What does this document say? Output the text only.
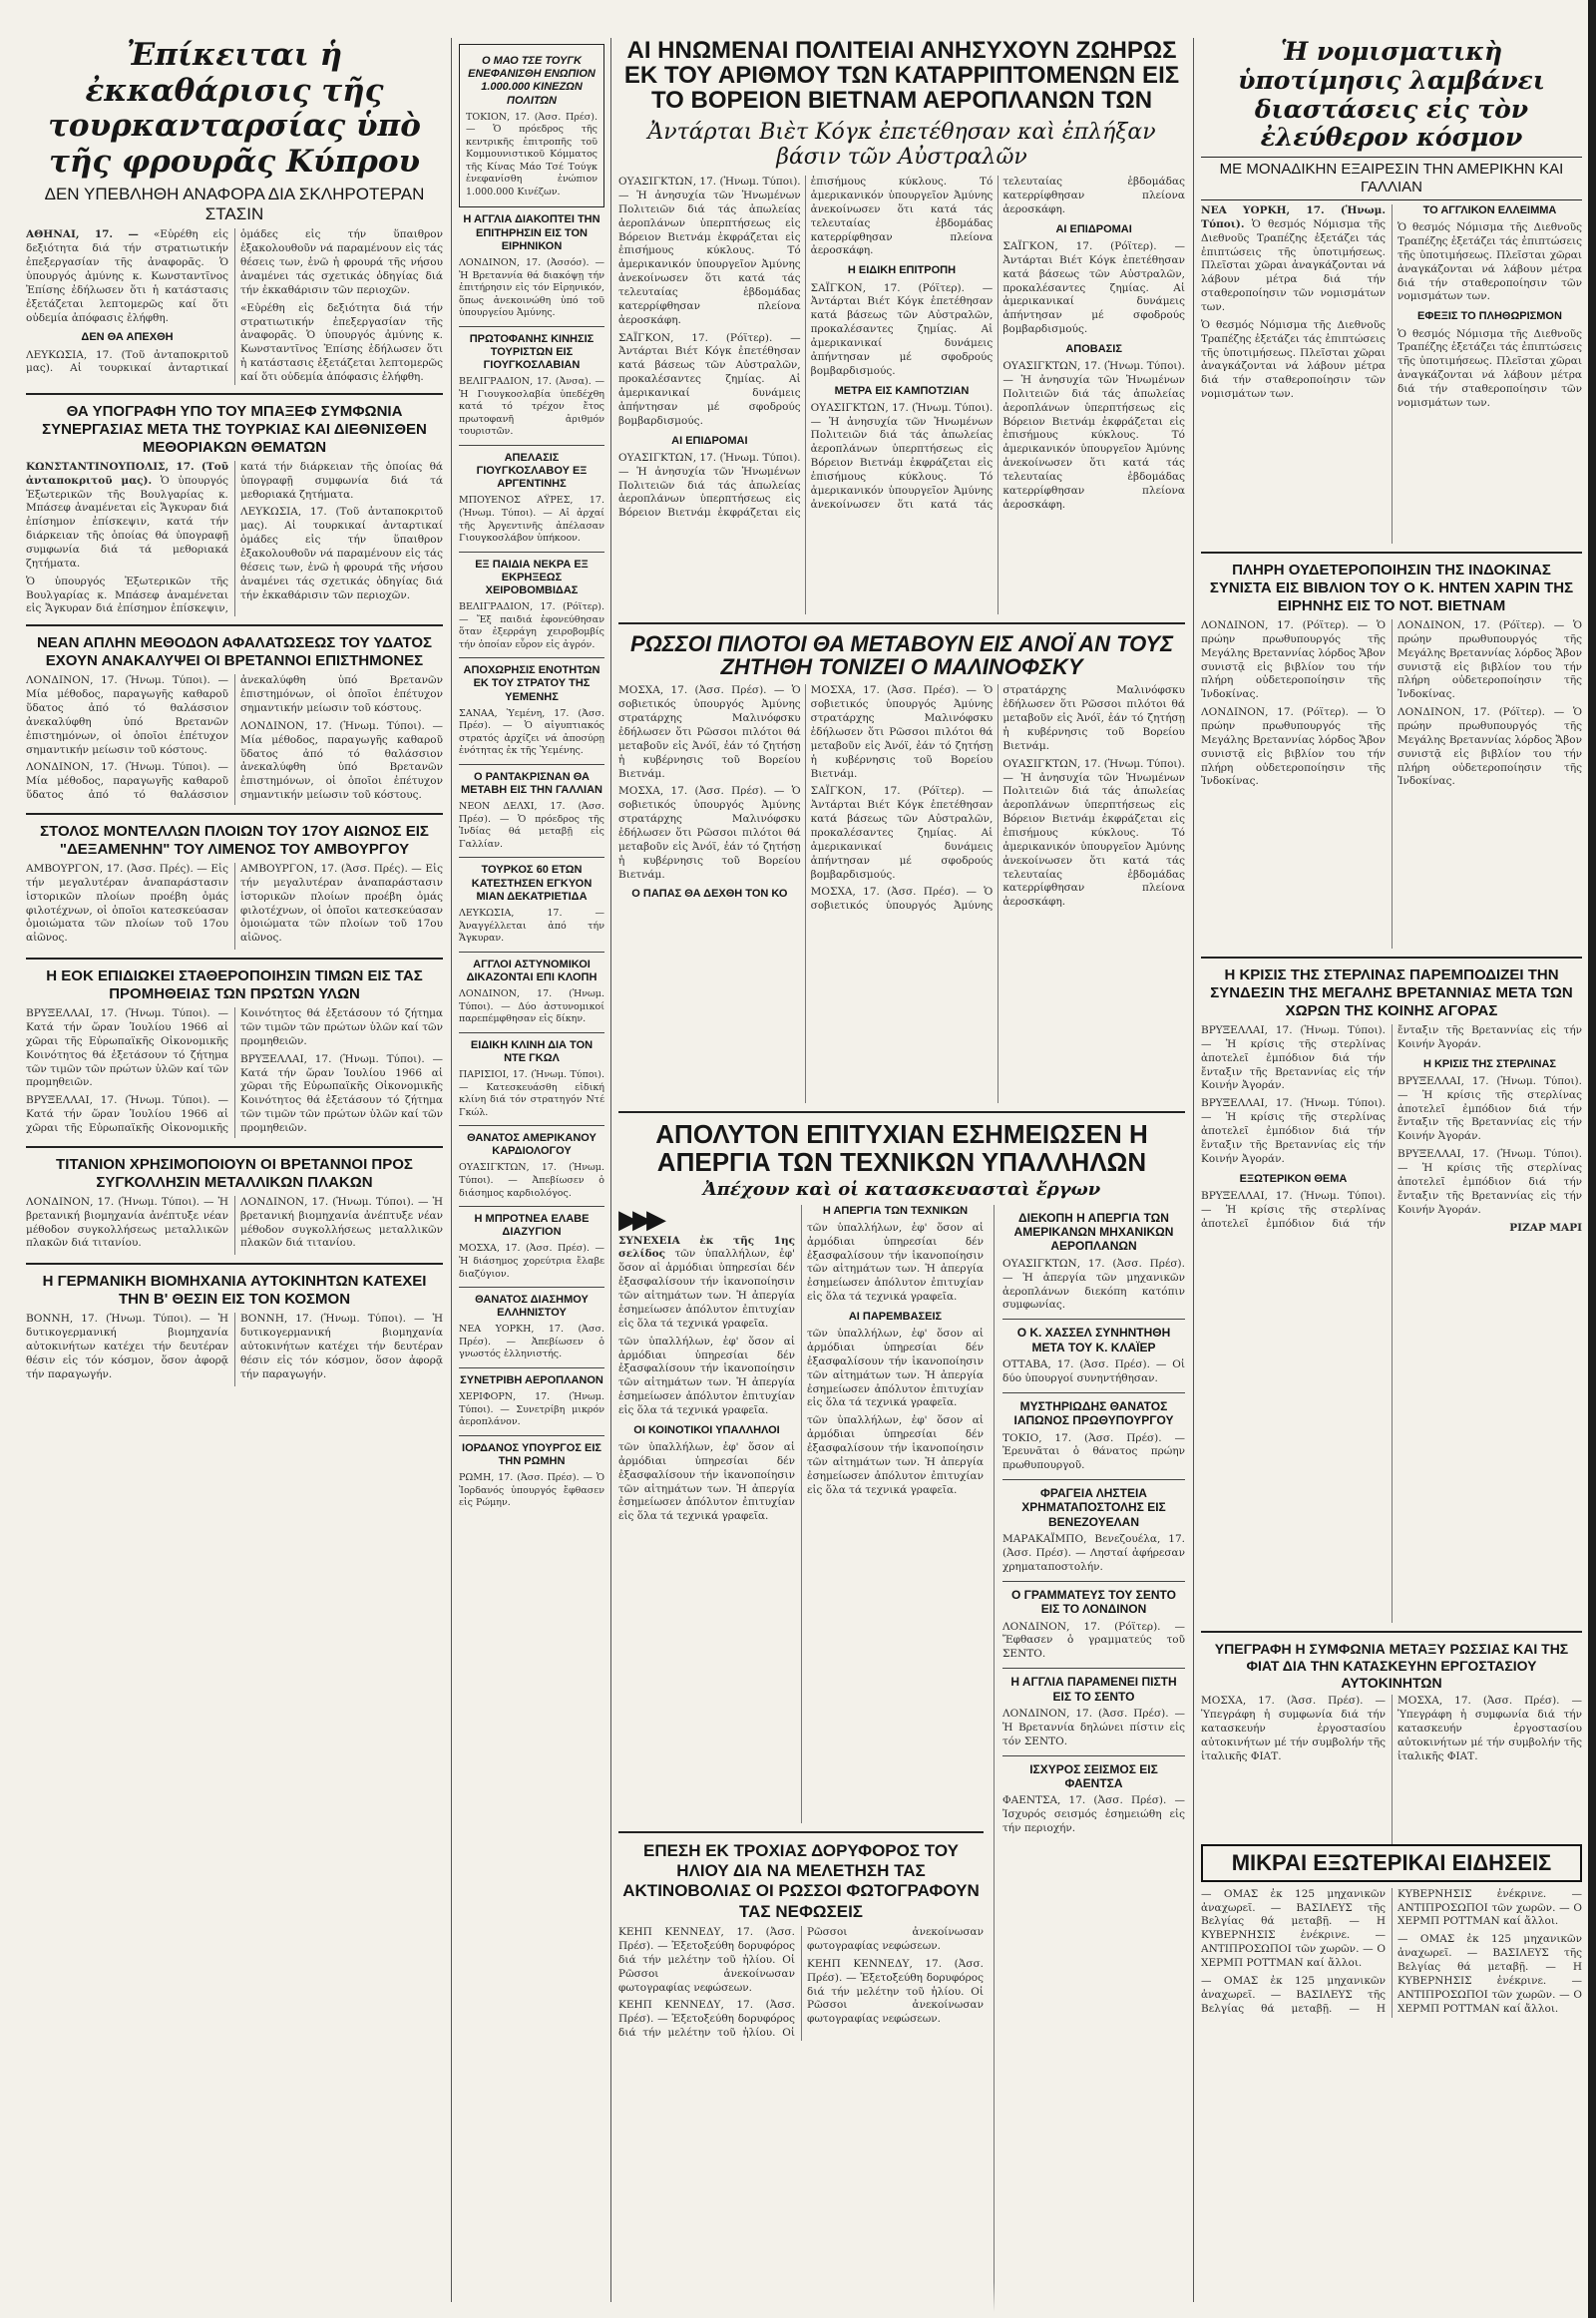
Ἐπίκειται ἡ ἐκκαθάρισις τῆς τουρκανταρσίας ὑπὸ τῆς φρουρᾶς Κύπρου
ΔΕΝ ΥΠΕΒΛΗΘΗ ΑΝΑΦΟΡΑ ΔΙΑ ΣΚΛΗΡΟΤΕΡΑΝ ΣΤΑΣΙΝ

ΑΘΗΝΑΙ, 17. — «Εὑρέθη εἰς δεξιότητα διά τήν στρατιωτικήν ἐπεξεργασίαν τῆς ἀναφορᾶς. Ὁ ὑπουργός ἀμύνης κ. Κωνσταντῖνος Ἐπίσης ἐδήλωσεν ὅτι ἡ κατάστασις ἐξετάζεται λεπτομερῶς καί ὅτι οὐδεμία ἀπόφασις ἐλήφθη.

ΔΕΝ ΘΑ ΑΠΕΧΘΗ

ΛΕΥΚΩΣΙΑ, 17. (Τοῦ ἀνταποκριτοῦ μας). Αἱ τουρκικαί ἀνταρτικαί ὁμάδες εἰς τήν ὕπαιθρον ἐξακολουθοῦν νά παραμένουν εἰς τάς θέσεις των, ἐνῶ ἡ φρουρά τῆς νήσου ἀναμένει τάς σχετικάς ὁδηγίας διά τήν ἐκκαθάρισιν τῶν περιοχῶν.

«Εὑρέθη εἰς δεξιότητα διά τήν στρατιωτικήν ἐπεξεργασίαν τῆς ἀναφορᾶς. Ὁ ὑπουργός ἀμύνης κ. Κωνσταντῖνος Ἐπίσης ἐδήλωσεν ὅτι ἡ κατάστασις ἐξετάζεται λεπτομερῶς καί ὅτι οὐδεμία ἀπόφασις ἐλήφθη.

ΘΑ ΥΠΟΓΡΑΦΗ ΥΠΟ ΤΟΥ ΜΠΑΞΕΦ ΣΥΜΦΩΝΙΑ ΣΥΝΕΡΓΑΣΙΑΣ ΜΕΤΑ ΤΗΣ ΤΟΥΡΚΙΑΣ ΚΑΙ ΔΙΕΘΝΙΣΘΕΝ ΜΕΘΟΡΙΑΚΩΝ ΘΕΜΑΤΩΝ

ΚΩΝΣΤΑΝΤΙΝΟΥΠΟΛΙΣ, 17. (Τοῦ ἀνταποκριτοῦ μας). Ὁ ὑπουργός Ἐξωτερικῶν τῆς Βουλγαρίας κ. Μπάσεφ ἀναμένεται εἰς Ἄγκυραν διά ἐπίσημον ἐπίσκεψιν, κατά τήν διάρκειαν τῆς ὁποίας θά ὑπογραφῇ συμφωνία διά τά μεθοριακά ζητήματα.

Ὁ ὑπουργός Ἐξωτερικῶν τῆς Βουλγαρίας κ. Μπάσεφ ἀναμένεται εἰς Ἄγκυραν διά ἐπίσημον ἐπίσκεψιν, κατά τήν διάρκειαν τῆς ὁποίας θά ὑπογραφῇ συμφωνία διά τά μεθοριακά ζητήματα.

ΛΕΥΚΩΣΙΑ, 17. (Τοῦ ἀνταποκριτοῦ μας). Αἱ τουρκικαί ἀνταρτικαί ὁμάδες εἰς τήν ὕπαιθρον ἐξακολουθοῦν νά παραμένουν εἰς τάς θέσεις των, ἐνῶ ἡ φρουρά τῆς νήσου ἀναμένει τάς σχετικάς ὁδηγίας διά τήν ἐκκαθάρισιν τῶν περιοχῶν.

ΝΕΑΝ ΑΠΛΗΝ ΜΕΘΟΔΟΝ ΑΦΑΛΑΤΩΣΕΩΣ ΤΟΥ ΥΔΑΤΟΣ ΕΧΟΥΝ ΑΝΑΚΑΛΥΨΕΙ ΟΙ ΒΡΕΤΑΝΝΟΙ ΕΠΙΣΤΗΜΟΝΕΣ

ΛΟΝΔΙΝΟΝ, 17. (Ἡνωμ. Τύποι). — Μία μέθοδος, παραγωγῆς καθαροῦ ὕδατος ἀπό τό θαλάσσιον ἀνεκαλύφθη ὑπό Βρετανῶν ἐπιστημόνων, οἱ ὁποῖοι ἐπέτυχον σημαντικήν μείωσιν τοῦ κόστους.

ΛΟΝΔΙΝΟΝ, 17. (Ἡνωμ. Τύποι). — Μία μέθοδος, παραγωγῆς καθαροῦ ὕδατος ἀπό τό θαλάσσιον ἀνεκαλύφθη ὑπό Βρετανῶν ἐπιστημόνων, οἱ ὁποῖοι ἐπέτυχον σημαντικήν μείωσιν τοῦ κόστους.

ΛΟΝΔΙΝΟΝ, 17. (Ἡνωμ. Τύποι). — Μία μέθοδος, παραγωγῆς καθαροῦ ὕδατος ἀπό τό θαλάσσιον ἀνεκαλύφθη ὑπό Βρετανῶν ἐπιστημόνων, οἱ ὁποῖοι ἐπέτυχον σημαντικήν μείωσιν τοῦ κόστους.

ΣΤΟΛΟΣ ΜΟΝΤΕΛΛΩΝ ΠΛΟΙΩΝ ΤΟΥ 17ΟΥ ΑΙΩΝΟΣ ΕΙΣ "ΔΕΞΑΜΕΝΗΝ" ΤΟΥ ΛΙΜΕΝΟΣ ΤΟΥ ΑΜΒΟΥΡΓΟΥ

ΑΜΒΟΥΡΓΟΝ, 17. (Ἀσσ. Πρές). — Εἰς τήν μεγαλυτέραν ἀναπαράστασιν ἱστορικῶν πλοίων προέβη ὁμάς φιλοτέχνων, οἱ ὁποῖοι κατεσκεύασαν ὁμοιώματα τῶν πλοίων τοῦ 17ου αἰῶνος.

ΑΜΒΟΥΡΓΟΝ, 17. (Ἀσσ. Πρές). — Εἰς τήν μεγαλυτέραν ἀναπαράστασιν ἱστορικῶν πλοίων προέβη ὁμάς φιλοτέχνων, οἱ ὁποῖοι κατεσκεύασαν ὁμοιώματα τῶν πλοίων τοῦ 17ου αἰῶνος.

Η ΕΟΚ ΕΠΙΔΙΩΚΕΙ ΣΤΑΘΕΡΟΠΟΙΗΣΙΝ ΤΙΜΩΝ ΕΙΣ ΤΑΣ ΠΡΟΜΗΘΕΙΑΣ ΤΩΝ ΠΡΩΤΩΝ ΥΛΩΝ

ΒΡΥΞΕΛΛΑΙ, 17. (Ἡνωμ. Τύποι). — Κατά τήν ὥραν Ἰουλίου 1966 αἱ χῶραι τῆς Εὐρωπαϊκῆς Οἰκονομικῆς Κοινότητος θά ἐξετάσουν τό ζήτημα τῶν τιμῶν τῶν πρώτων ὑλῶν καί τῶν προμηθειῶν.

ΒΡΥΞΕΛΛΑΙ, 17. (Ἡνωμ. Τύποι). — Κατά τήν ὥραν Ἰουλίου 1966 αἱ χῶραι τῆς Εὐρωπαϊκῆς Οἰκονομικῆς Κοινότητος θά ἐξετάσουν τό ζήτημα τῶν τιμῶν τῶν πρώτων ὑλῶν καί τῶν προμηθειῶν.

ΒΡΥΞΕΛΛΑΙ, 17. (Ἡνωμ. Τύποι). — Κατά τήν ὥραν Ἰουλίου 1966 αἱ χῶραι τῆς Εὐρωπαϊκῆς Οἰκονομικῆς Κοινότητος θά ἐξετάσουν τό ζήτημα τῶν τιμῶν τῶν πρώτων ὑλῶν καί τῶν προμηθειῶν.

ΤΙΤΑΝΙΟΝ ΧΡΗΣΙΜΟΠΟΙΟΥΝ ΟΙ ΒΡΕΤΑΝΝΟΙ ΠΡΟΣ ΣΥΓΚΟΛΛΗΣΙΝ ΜΕΤΑΛΛΙΚΩΝ ΠΛΑΚΩΝ

ΛΟΝΔΙΝΟΝ, 17. (Ἡνωμ. Τύποι). — Ἡ βρετανική βιομηχανία ἀνέπτυξε νέαν μέθοδον συγκολλήσεως μεταλλικῶν πλακῶν διά τιτανίου.

ΛΟΝΔΙΝΟΝ, 17. (Ἡνωμ. Τύποι). — Ἡ βρετανική βιομηχανία ἀνέπτυξε νέαν μέθοδον συγκολλήσεως μεταλλικῶν πλακῶν διά τιτανίου.

Η ΓΕΡΜΑΝΙΚΗ ΒΙΟΜΗΧΑΝΙΑ ΑΥΤΟΚΙΝΗΤΩΝ ΚΑΤΕΧΕΙ ΤΗΝ Β' ΘΕΣΙΝ ΕΙΣ ΤΟΝ ΚΟΣΜΟΝ

ΒΟΝΝΗ, 17. (Ἡνωμ. Τύποι). — Ἡ δυτικογερμανική βιομηχανία αὐτοκινήτων κατέχει τήν δευτέραν θέσιν εἰς τόν κόσμον, ὅσον ἀφορᾷ τήν παραγωγήν.

ΒΟΝΝΗ, 17. (Ἡνωμ. Τύποι). — Ἡ δυτικογερμανική βιομηχανία αὐτοκινήτων κατέχει τήν δευτέραν θέσιν εἰς τόν κόσμον, ὅσον ἀφορᾷ τήν παραγωγήν.

Ο ΜΑΟ ΤΣΕ ΤΟΥΓΚ ΕΝΕΦΑΝΙΣΘΗ ΕΝΩΠΙΟΝ 1.000.000 ΚΙΝΕΖΩΝ ΠΟΛΙΤΩΝ

ΤΟΚΙΟΝ, 17. (Ἀσσ. Πρέσ). — Ὁ πρόεδρος τῆς κεντρικῆς ἐπιτροπῆς τοῦ Κομμουνιστικοῦ Κόμματος τῆς Κίνας Μάο Τσέ Τούγκ ἐνεφανίσθη ἐνώπιον 1.000.000 Κινέζων.

Η ΑΓΓΛΙΑ ΔΙΑΚΟΠΤΕΙ ΤΗΝ ΕΠΙΤΗΡΗΣΙΝ ΕΙΣ ΤΟΝ ΕΙΡΗΝΙΚΟΝ

ΛΟΝΔΙΝΟΝ, 17. (Ἀσσόσ). — Ἡ Βρεταννία θά διακόψῃ τήν ἐπιτήρησιν εἰς τόν Εἰρηνικόν, ὅπως ἀνεκοινώθη ὑπό τοῦ ὑπουργείου Ἀμύνης.

ΠΡΩΤΟΦΑΝΗΣ ΚΙΝΗΣΙΣ ΤΟΥΡΙΣΤΩΝ ΕΙΣ ΓΙΟΥΓΚΟΣΛΑΒΙΑΝ

ΒΕΛΙΓΡΑΔΙΟΝ, 17. (Ἀνσα). — Ἡ Γιουγκοσλαβία ὑπεδέχθη κατά τό τρέχον ἔτος πρωτοφανῆ ἀριθμόν τουριστῶν.

ΑΠΕΛΑΣΙΣ ΓΙΟΥΓΚΟΣΛΑΒΟΥ ΕΞ ΑΡΓΕΝΤΙΝΗΣ

ΜΠΟΥΕΝΟΣ ΑΫΡΕΣ, 17. (Ἡνωμ. Τύποι). — Αἱ ἀρχαί τῆς Ἀργεντινῆς ἀπέλασαν Γιουγκοσλάβον ὑπήκοον.

ΕΞ ΠΑΙΔΙΑ ΝΕΚΡΑ ΕΞ ΕΚΡΗΞΕΩΣ ΧΕΙΡΟΒΟΜΒΙΔΑΣ

ΒΕΛΙΓΡΑΔΙΟΝ, 17. (Ρόϊτερ). — Ἔξ παιδιά ἐφονεύθησαν ὅταν ἐξερράγη χειροβομβίς τήν ὁποίαν εὗρον εἰς ἀγρόν.

ΑΠΟΧΩΡΗΣΙΣ ΕΝΟΤΗΤΩΝ ΕΚ ΤΟΥ ΣΤΡΑΤΟΥ ΤΗΣ ΥΕΜΕΝΗΣ

ΣΑΝΑΑ, Ὑεμένη, 17. (Ἀσσ. Πρέσ). — Ὁ αἰγυπτιακός στρατός ἀρχίζει νά ἀποσύρῃ ἐνότητας ἐκ τῆς Ὑεμένης.

Ο ΡΑΝΤΑΚΡΙΣΝΑΝ ΘΑ ΜΕΤΑΒΗ ΕΙΣ ΤΗΝ ΓΑΛΛΙΑΝ

ΝΕΟΝ ΔΕΛΧΙ, 17. (Ἀσσ. Πρέσ). — Ὁ πρόεδρος τῆς Ἰνδίας θά μεταβῇ εἰς Γαλλίαν.

ΤΟΥΡΚΟΣ 60 ΕΤΩΝ ΚΑΤΕΣΤΗΣΕΝ ΕΓΚΥΟΝ ΜΙΑΝ ΔΕΚΑΤΡΙΕΤΙΔΑ

ΛΕΥΚΩΣΙΑ, 17. — Ἀναγγέλλεται ἀπό τήν Ἄγκυραν.

ΑΓΓΛΟΙ ΑΣΤΥΝΟΜΙΚΟΙ ΔΙΚΑΖΟΝΤΑΙ ΕΠΙ ΚΛΟΠΗ

ΛΟΝΔΙΝΟΝ, 17. (Ἡνωμ. Τύποι). — Δύο ἀστυνομικοί παρεπέμφθησαν εἰς δίκην.

ΕΙΔΙΚΗ ΚΛΙΝΗ ΔΙΑ ΤΟΝ ΝΤΕ ΓΚΩΛ

ΠΑΡΙΣΙΟΙ, 17. (Ἡνωμ. Τύποι). — Κατεσκευάσθη εἰδική κλίνη διά τόν στρατηγόν Ντέ Γκώλ.

ΘΑΝΑΤΟΣ ΑΜΕΡΙΚΑΝΟΥ ΚΑΡΔΙΟΛΟΓΟΥ

ΟΥΑΣΙΓΚΤΩΝ, 17. (Ἡνωμ. Τύποι). — Ἀπεβίωσεν ὁ διάσημος καρδιολόγος.

Η ΜΠΡΟΤΝΕΑ ΕΛΑΒΕ ΔΙΑΖΥΓΙΟΝ

ΜΟΣΧΑ, 17. (Ἀσσ. Πρέσ). — Ἡ διάσημος χορεύτρια ἔλαβε διαζύγιον.

ΘΑΝΑΤΟΣ ΔΙΑΣΗΜΟΥ ΕΛΛΗΝΙΣΤΟΥ

ΝΕΑ ΥΟΡΚΗ, 17. (Ἀσσ. Πρέσ). — Ἀπεβίωσεν ὁ γνωστός ἑλληνιστής.

ΣΥΝΕΤΡΙΒΗ ΑΕΡΟΠΛΑΝΟΝ

ΧΕΡΙΦΟΡΝ, 17. (Ἡνωμ. Τύποι). — Συνετρίβη μικρόν ἀεροπλάνον.

ΙΟΡΔΑΝΟΣ ΥΠΟΥΡΓΟΣ ΕΙΣ ΤΗΝ ΡΩΜΗΝ

ΡΩΜΗ, 17. (Ἀσσ. Πρέσ). — Ὁ Ἰορδανός ὑπουργός ἔφθασεν εἰς Ρώμην.

ΑΙ ΗΝΩΜΕΝΑΙ ΠΟΛΙΤΕΙΑΙ ΑΝΗΣΥΧΟΥΝ ΖΩΗΡΩΣ ΕΚ ΤΟΥ ΑΡΙΘΜΟΥ ΤΩΝ ΚΑΤΑΡΡΙΠΤΟΜΕΝΩΝ ΕΙΣ ΤΟ ΒΟΡΕΙΟΝ ΒΙΕΤΝΑΜ ΑΕΡΟΠΛΑΝΩΝ ΤΩΝ
Ἀντάρται Βιὲτ Κόγκ ἐπετέθησαν καὶ ἐπλήξαν βάσιν τῶν Αὐστραλῶν

ΟΥΑΣΙΓΚΤΩΝ, 17. (Ἡνωμ. Τύποι). — Ἡ ἀνησυχία τῶν Ἡνωμένων Πολιτειῶν διά τάς ἀπωλείας ἀεροπλάνων ὑπερπτήσεως εἰς Βόρειον Βιετνάμ ἐκφράζεται εἰς ἐπισήμους κύκλους. Τό ἀμερικανικόν ὑπουργεῖον Ἀμύνης ἀνεκοίνωσεν ὅτι κατά τάς τελευταίας ἑβδομάδας κατερρίφθησαν πλείονα ἀεροσκάφη.

ΣΑΪΓΚΟΝ, 17. (Ρόϊτερ). — Ἀντάρται Βιέτ Κόγκ ἐπετέθησαν κατά βάσεως τῶν Αὐστραλῶν, προκαλέσαντες ζημίας. Αἱ ἀμερικανικαί δυνάμεις ἀπήντησαν μέ σφοδρούς βομβαρδισμούς.

ΑΙ ΕΠΙΔΡΟΜΑΙ

ΟΥΑΣΙΓΚΤΩΝ, 17. (Ἡνωμ. Τύποι). — Ἡ ἀνησυχία τῶν Ἡνωμένων Πολιτειῶν διά τάς ἀπωλείας ἀεροπλάνων ὑπερπτήσεως εἰς Βόρειον Βιετνάμ ἐκφράζεται εἰς ἐπισήμους κύκλους. Τό ἀμερικανικόν ὑπουργεῖον Ἀμύνης ἀνεκοίνωσεν ὅτι κατά τάς τελευταίας ἑβδομάδας κατερρίφθησαν πλείονα ἀεροσκάφη.

Η ΕΙΔΙΚΗ ΕΠΙΤΡΟΠΗ

ΣΑΪΓΚΟΝ, 17. (Ρόϊτερ). — Ἀντάρται Βιέτ Κόγκ ἐπετέθησαν κατά βάσεως τῶν Αὐστραλῶν, προκαλέσαντες ζημίας. Αἱ ἀμερικανικαί δυνάμεις ἀπήντησαν μέ σφοδρούς βομβαρδισμούς.

ΜΕΤΡΑ ΕΙΣ ΚΑΜΠΟΤΖΙΑΝ

ΟΥΑΣΙΓΚΤΩΝ, 17. (Ἡνωμ. Τύποι). — Ἡ ἀνησυχία τῶν Ἡνωμένων Πολιτειῶν διά τάς ἀπωλείας ἀεροπλάνων ὑπερπτήσεως εἰς Βόρειον Βιετνάμ ἐκφράζεται εἰς ἐπισήμους κύκλους. Τό ἀμερικανικόν ὑπουργεῖον Ἀμύνης ἀνεκοίνωσεν ὅτι κατά τάς τελευταίας ἑβδομάδας κατερρίφθησαν πλείονα ἀεροσκάφη.

ΑΙ ΕΠΙΔΡΟΜΑΙ

ΣΑΪΓΚΟΝ, 17. (Ρόϊτερ). — Ἀντάρται Βιέτ Κόγκ ἐπετέθησαν κατά βάσεως τῶν Αὐστραλῶν, προκαλέσαντες ζημίας. Αἱ ἀμερικανικαί δυνάμεις ἀπήντησαν μέ σφοδρούς βομβαρδισμούς.

ΑΠΟΒΑΣΙΣ

ΟΥΑΣΙΓΚΤΩΝ, 17. (Ἡνωμ. Τύποι). — Ἡ ἀνησυχία τῶν Ἡνωμένων Πολιτειῶν διά τάς ἀπωλείας ἀεροπλάνων ὑπερπτήσεως εἰς Βόρειον Βιετνάμ ἐκφράζεται εἰς ἐπισήμους κύκλους. Τό ἀμερικανικόν ὑπουργεῖον Ἀμύνης ἀνεκοίνωσεν ὅτι κατά τάς τελευταίας ἑβδομάδας κατερρίφθησαν πλείονα ἀεροσκάφη.

ΡΩΣΣΟΙ ΠΙΛΟΤΟΙ ΘΑ ΜΕΤΑΒΟΥΝ ΕΙΣ ΑΝΟΪ ΑΝ ΤΟΥΣ ΖΗΤΗΘΗ ΤΟΝΙΖΕΙ Ο ΜΑΛΙΝΟΦΣΚΥ

ΜΟΣΧΑ, 17. (Ἀσσ. Πρέσ). — Ὁ σοβιετικός ὑπουργός Ἀμύνης στρατάρχης Μαλινόφσκυ ἐδήλωσεν ὅτι Ρῶσσοι πιλότοι θά μεταβοῦν εἰς Ἀνόϊ, ἐάν τό ζητήσῃ ἡ κυβέρνησις τοῦ Βορείου Βιετνάμ.

ΜΟΣΧΑ, 17. (Ἀσσ. Πρέσ). — Ὁ σοβιετικός ὑπουργός Ἀμύνης στρατάρχης Μαλινόφσκυ ἐδήλωσεν ὅτι Ρῶσσοι πιλότοι θά μεταβοῦν εἰς Ἀνόϊ, ἐάν τό ζητήσῃ ἡ κυβέρνησις τοῦ Βορείου Βιετνάμ.

Ο ΠΑΠΑΣ ΘΑ ΔΕΧΘΗ ΤΟΝ ΚΟ

ΜΟΣΧΑ, 17. (Ἀσσ. Πρέσ). — Ὁ σοβιετικός ὑπουργός Ἀμύνης στρατάρχης Μαλινόφσκυ ἐδήλωσεν ὅτι Ρῶσσοι πιλότοι θά μεταβοῦν εἰς Ἀνόϊ, ἐάν τό ζητήσῃ ἡ κυβέρνησις τοῦ Βορείου Βιετνάμ.

ΣΑΪΓΚΟΝ, 17. (Ρόϊτερ). — Ἀντάρται Βιέτ Κόγκ ἐπετέθησαν κατά βάσεως τῶν Αὐστραλῶν, προκαλέσαντες ζημίας. Αἱ ἀμερικανικαί δυνάμεις ἀπήντησαν μέ σφοδρούς βομβαρδισμούς.

ΜΟΣΧΑ, 17. (Ἀσσ. Πρέσ). — Ὁ σοβιετικός ὑπουργός Ἀμύνης στρατάρχης Μαλινόφσκυ ἐδήλωσεν ὅτι Ρῶσσοι πιλότοι θά μεταβοῦν εἰς Ἀνόϊ, ἐάν τό ζητήσῃ ἡ κυβέρνησις τοῦ Βορείου Βιετνάμ.

ΟΥΑΣΙΓΚΤΩΝ, 17. (Ἡνωμ. Τύποι). — Ἡ ἀνησυχία τῶν Ἡνωμένων Πολιτειῶν διά τάς ἀπωλείας ἀεροπλάνων ὑπερπτήσεως εἰς Βόρειον Βιετνάμ ἐκφράζεται εἰς ἐπισήμους κύκλους. Τό ἀμερικανικόν ὑπουργεῖον Ἀμύνης ἀνεκοίνωσεν ὅτι κατά τάς τελευταίας ἑβδομάδας κατερρίφθησαν πλείονα ἀεροσκάφη.

ΑΠΟΛΥΤΟΝ ΕΠΙΤΥΧΙΑΝ ΕΣΗΜΕΙΩΣΕΝ Η ΑΠΕΡΓΙΑ ΤΩΝ ΤΕΧΝΙΚΩΝ ΥΠΑΛΛΗΛΩΝ
Ἀπέχουν καὶ οἱ κατασκευασταὶ ἔργων
▶▶▶

ΣΥΝΕΧΕΙΑ ἐκ τῆς 1ης σελίδος τῶν ὑπαλλήλων, ἐφ' ὅσον αἱ ἀρμόδιαι ὑπηρεσίαι δέν ἐξασφαλίσουν τήν ἱκανοποίησιν τῶν αἰτημάτων των. Ἡ ἀπεργία ἐσημείωσεν ἀπόλυτον ἐπιτυχίαν εἰς ὅλα τά τεχνικά γραφεῖα.

τῶν ὑπαλλήλων, ἐφ' ὅσον αἱ ἀρμόδιαι ὑπηρεσίαι δέν ἐξασφαλίσουν τήν ἱκανοποίησιν τῶν αἰτημάτων των. Ἡ ἀπεργία ἐσημείωσεν ἀπόλυτον ἐπιτυχίαν εἰς ὅλα τά τεχνικά γραφεῖα.

ΟΙ ΚΟΙΝΟΤΙΚΟΙ ΥΠΑΛΛΗΛΟΙ

τῶν ὑπαλλήλων, ἐφ' ὅσον αἱ ἀρμόδιαι ὑπηρεσίαι δέν ἐξασφαλίσουν τήν ἱκανοποίησιν τῶν αἰτημάτων των. Ἡ ἀπεργία ἐσημείωσεν ἀπόλυτον ἐπιτυχίαν εἰς ὅλα τά τεχνικά γραφεῖα.

Η ΑΠΕΡΓΙΑ ΤΩΝ ΤΕΧΝΙΚΩΝ

τῶν ὑπαλλήλων, ἐφ' ὅσον αἱ ἀρμόδιαι ὑπηρεσίαι δέν ἐξασφαλίσουν τήν ἱκανοποίησιν τῶν αἰτημάτων των. Ἡ ἀπεργία ἐσημείωσεν ἀπόλυτον ἐπιτυχίαν εἰς ὅλα τά τεχνικά γραφεῖα.

ΑΙ ΠΑΡΕΜΒΑΣΕΙΣ

τῶν ὑπαλλήλων, ἐφ' ὅσον αἱ ἀρμόδιαι ὑπηρεσίαι δέν ἐξασφαλίσουν τήν ἱκανοποίησιν τῶν αἰτημάτων των. Ἡ ἀπεργία ἐσημείωσεν ἀπόλυτον ἐπιτυχίαν εἰς ὅλα τά τεχνικά γραφεῖα.

τῶν ὑπαλλήλων, ἐφ' ὅσον αἱ ἀρμόδιαι ὑπηρεσίαι δέν ἐξασφαλίσουν τήν ἱκανοποίησιν τῶν αἰτημάτων των. Ἡ ἀπεργία ἐσημείωσεν ἀπόλυτον ἐπιτυχίαν εἰς ὅλα τά τεχνικά γραφεῖα.

ΕΠΕΣΗ ΕΚ ΤΡΟΧΙΑΣ ΔΟΡΥΦΟΡΟΣ ΤΟΥ ΗΛΙΟΥ ΔΙΑ ΝΑ ΜΕΛΕΤΗΣΗ ΤΑΣ ΑΚΤΙΝΟΒΟΛΙΑΣ ΟΙ ΡΩΣΣΟΙ ΦΩΤΟΓΡΑΦΟΥΝ ΤΑΣ ΝΕΦΩΣΕΙΣ

ΚΕΗΠ ΚΕΝΝΕΔΥ, 17. (Ἀσσ. Πρέσ). — Ἐξετοξεύθη δορυφόρος διά τήν μελέτην τοῦ ἡλίου. Οἱ Ρῶσσοι ἀνεκοίνωσαν φωτογραφίας νεφώσεων.

ΚΕΗΠ ΚΕΝΝΕΔΥ, 17. (Ἀσσ. Πρέσ). — Ἐξετοξεύθη δορυφόρος διά τήν μελέτην τοῦ ἡλίου. Οἱ Ρῶσσοι ἀνεκοίνωσαν φωτογραφίας νεφώσεων.

ΚΕΗΠ ΚΕΝΝΕΔΥ, 17. (Ἀσσ. Πρέσ). — Ἐξετοξεύθη δορυφόρος διά τήν μελέτην τοῦ ἡλίου. Οἱ Ρῶσσοι ἀνεκοίνωσαν φωτογραφίας νεφώσεων.

ΔΙΕΚΟΠΗ Η ΑΠΕΡΓΙΑ ΤΩΝ ΑΜΕΡΙΚΑΝΩΝ ΜΗΧΑΝΙΚΩΝ ΑΕΡΟΠΛΑΝΩΝ

ΟΥΑΣΙΓΚΤΩΝ, 17. (Ἀσσ. Πρέσ). — Ἡ ἀπεργία τῶν μηχανικῶν ἀεροπλάνων διεκόπη κατόπιν συμφωνίας.

Ο Κ. ΧΑΣΣΕΛ ΣΥΝΗΝΤΗΘΗ ΜΕΤΑ ΤΟΥ Κ. ΚΛΑΪΕΡ

ΟΤΤΑΒΑ, 17. (Ἀσσ. Πρέσ). — Οἱ δύο ὑπουργοί συνηντήθησαν.

ΜΥΣΤΗΡΙΩΔΗΣ ΘΑΝΑΤΟΣ ΙΑΠΩΝΟΣ ΠΡΩΘΥΠΟΥΡΓΟΥ

ΤΟΚΙΟ, 17. (Ἀσσ. Πρέσ). — Ἐρευνᾶται ὁ θάνατος πρώην πρωθυπουργοῦ.

ΦΡΑΓΕΙΑ ΛΗΣΤΕΙΑ ΧΡΗΜΑΤΑΠΟΣΤΟΛΗΣ ΕΙΣ ΒΕΝΕΖΟΥΕΛΑΝ

ΜΑΡΑΚΑΪΜΠΟ, Βενεζουέλα, 17. (Ἀσσ. Πρέσ). — Λησταί ἀφήρεσαν χρηματαποστολήν.

Ο ΓΡΑΜΜΑΤΕΥΣ ΤΟΥ ΣΕΝΤΟ ΕΙΣ ΤΟ ΛΟΝΔΙΝΟΝ

ΛΟΝΔΙΝΟΝ, 17. (Ρόϊτερ). — Ἔφθασεν ὁ γραμματεύς τοῦ ΣΕΝΤΟ.

Η ΑΓΓΛΙΑ ΠΑΡΑΜΕΝΕΙ ΠΙΣΤΗ ΕΙΣ ΤΟ ΣΕΝΤΟ

ΛΟΝΔΙΝΟΝ, 17. (Ἀσσ. Πρέσ). — Ἡ Βρεταννία δηλώνει πίστιν εἰς τόν ΣΕΝΤΟ.

ΙΣΧΥΡΟΣ ΣΕΙΣΜΟΣ ΕΙΣ ΦΑΕΝΤΣΑ

ΦΑΕΝΤΣΑ, 17. (Ἀσσ. Πρέσ). — Ἰσχυρός σεισμός ἐσημειώθη εἰς τήν περιοχήν.

Ἡ νομισματικὴ ὑποτίμησις λαμβάνει διαστάσεις εἰς τὸν ἐλεύθερον κόσμον
ΜΕ ΜΟΝΑΔΙΚΗΝ ΕΞΑΙΡΕΣΙΝ ΤΗΝ ΑΜΕΡΙΚΗΝ ΚΑΙ ΓΑΛΛΙΑΝ

ΝΕΑ ΥΟΡΚΗ, 17. (Ἡνωμ. Τύποι). Ὁ θεσμός Νόμισμα τῆς Διεθνοῦς Τραπέζης ἐξετάζει τάς ἐπιπτώσεις τῆς ὑποτιμήσεως. Πλεῖσται χῶραι ἀναγκάζονται νά λάβουν μέτρα διά τήν σταθεροποίησιν τῶν νομισμάτων των.

Ὁ θεσμός Νόμισμα τῆς Διεθνοῦς Τραπέζης ἐξετάζει τάς ἐπιπτώσεις τῆς ὑποτιμήσεως. Πλεῖσται χῶραι ἀναγκάζονται νά λάβουν μέτρα διά τήν σταθεροποίησιν τῶν νομισμάτων των.

ΤΟ ΑΓΓΛΙΚΟΝ ΕΛΛΕΙΜΜΑ

Ὁ θεσμός Νόμισμα τῆς Διεθνοῦς Τραπέζης ἐξετάζει τάς ἐπιπτώσεις τῆς ὑποτιμήσεως. Πλεῖσται χῶραι ἀναγκάζονται νά λάβουν μέτρα διά τήν σταθεροποίησιν τῶν νομισμάτων των.

ΕΦΕΞΙΣ ΤΟ ΠΛΗΘΩΡΙΣΜΟΝ

Ὁ θεσμός Νόμισμα τῆς Διεθνοῦς Τραπέζης ἐξετάζει τάς ἐπιπτώσεις τῆς ὑποτιμήσεως. Πλεῖσται χῶραι ἀναγκάζονται νά λάβουν μέτρα διά τήν σταθεροποίησιν τῶν νομισμάτων των.

ΠΛΗΡΗ ΟΥΔΕΤΕΡΟΠΟΙΗΣΙΝ ΤΗΣ ΙΝΔΟΚΙΝΑΣ ΣΥΝΙΣΤΑ ΕΙΣ ΒΙΒΛΙΟΝ ΤΟΥ Ο Κ. ΗΝΤΕΝ ΧΑΡΙΝ ΤΗΣ ΕΙΡΗΝΗΣ ΕΙΣ ΤΟ ΝΟΤ. ΒΙΕΤΝΑΜ

ΛΟΝΔΙΝΟΝ, 17. (Ρόϊτερ). — Ὁ πρώην πρωθυπουργός τῆς Μεγάλης Βρεταννίας λόρδος Ἄβον συνιστᾷ εἰς βιβλίον του τήν πλήρη οὐδετεροποίησιν τῆς Ἰνδοκίνας.

ΛΟΝΔΙΝΟΝ, 17. (Ρόϊτερ). — Ὁ πρώην πρωθυπουργός τῆς Μεγάλης Βρεταννίας λόρδος Ἄβον συνιστᾷ εἰς βιβλίον του τήν πλήρη οὐδετεροποίησιν τῆς Ἰνδοκίνας.

ΛΟΝΔΙΝΟΝ, 17. (Ρόϊτερ). — Ὁ πρώην πρωθυπουργός τῆς Μεγάλης Βρεταννίας λόρδος Ἄβον συνιστᾷ εἰς βιβλίον του τήν πλήρη οὐδετεροποίησιν τῆς Ἰνδοκίνας.

ΛΟΝΔΙΝΟΝ, 17. (Ρόϊτερ). — Ὁ πρώην πρωθυπουργός τῆς Μεγάλης Βρεταννίας λόρδος Ἄβον συνιστᾷ εἰς βιβλίον του τήν πλήρη οὐδετεροποίησιν τῆς Ἰνδοκίνας.

Η ΚΡΙΣΙΣ ΤΗΣ ΣΤΕΡΛΙΝΑΣ ΠΑΡΕΜΠΟΔΙΖΕΙ ΤΗΝ ΣΥΝΔΕΣΙΝ ΤΗΣ ΜΕΓΑΛΗΣ ΒΡΕΤΑΝΝΙΑΣ ΜΕΤΑ ΤΩΝ ΧΩΡΩΝ ΤΗΣ ΚΟΙΝΗΣ ΑΓΟΡΑΣ

ΒΡΥΞΕΛΛΑΙ, 17. (Ἡνωμ. Τύποι). — Ἡ κρίσις τῆς στερλίνας ἀποτελεῖ ἐμπόδιον διά τήν ἔνταξιν τῆς Βρεταννίας εἰς τήν Κοινήν Ἀγοράν.

ΒΡΥΞΕΛΛΑΙ, 17. (Ἡνωμ. Τύποι). — Ἡ κρίσις τῆς στερλίνας ἀποτελεῖ ἐμπόδιον διά τήν ἔνταξιν τῆς Βρεταννίας εἰς τήν Κοινήν Ἀγοράν.

ΕΞΩΤΕΡΙΚΟΝ ΘΕΜΑ

ΒΡΥΞΕΛΛΑΙ, 17. (Ἡνωμ. Τύποι). — Ἡ κρίσις τῆς στερλίνας ἀποτελεῖ ἐμπόδιον διά τήν ἔνταξιν τῆς Βρεταννίας εἰς τήν Κοινήν Ἀγοράν.

Η ΚΡΙΣΙΣ ΤΗΣ ΣΤΕΡΛΙΝΑΣ

ΒΡΥΞΕΛΛΑΙ, 17. (Ἡνωμ. Τύποι). — Ἡ κρίσις τῆς στερλίνας ἀποτελεῖ ἐμπόδιον διά τήν ἔνταξιν τῆς Βρεταννίας εἰς τήν Κοινήν Ἀγοράν.

ΒΡΥΞΕΛΛΑΙ, 17. (Ἡνωμ. Τύποι). — Ἡ κρίσις τῆς στερλίνας ἀποτελεῖ ἐμπόδιον διά τήν ἔνταξιν τῆς Βρεταννίας εἰς τήν Κοινήν Ἀγοράν.

ΡΙΖΑΡ ΜΑΡΙ

ΥΠΕΓΡΑΦΗ Η ΣΥΜΦΩΝΙΑ ΜΕΤΑΞΥ ΡΩΣΣΙΑΣ ΚΑΙ ΤΗΣ ΦΙΑΤ ΔΙΑ ΤΗΝ ΚΑΤΑΣΚΕΥΗΝ ΕΡΓΟΣΤΑΣΙΟΥ ΑΥΤΟΚΙΝΗΤΩΝ

ΜΟΣΧΑ, 17. (Ἀσσ. Πρέσ). — Ὑπεγράφη ἡ συμφωνία διά τήν κατασκευήν ἐργοστασίου αὐτοκινήτων μέ τήν συμβολήν τῆς ἰταλικῆς ΦΙΑΤ.

ΜΟΣΧΑ, 17. (Ἀσσ. Πρέσ). — Ὑπεγράφη ἡ συμφωνία διά τήν κατασκευήν ἐργοστασίου αὐτοκινήτων μέ τήν συμβολήν τῆς ἰταλικῆς ΦΙΑΤ.

ΜΙΚΡΑΙ ΕΞΩΤΕΡΙΚΑΙ ΕΙΔΗΣΕΙΣ

— ΟΜΑΣ ἐκ 125 μηχανικῶν ἀναχωρεῖ. — ΒΑΣΙΛΕΥΣ τῆς Βελγίας θά μεταβῇ. — Η ΚΥΒΕΡΝΗΣΙΣ ἐνέκρινε. — ΑΝΤΙΠΡΟΣΩΠΟΙ τῶν χωρῶν. — Ο ΧΕΡΜΠ ΡΟΤΤΜΑΝ καί ἄλλοι.

— ΟΜΑΣ ἐκ 125 μηχανικῶν ἀναχωρεῖ. — ΒΑΣΙΛΕΥΣ τῆς Βελγίας θά μεταβῇ. — Η ΚΥΒΕΡΝΗΣΙΣ ἐνέκρινε. — ΑΝΤΙΠΡΟΣΩΠΟΙ τῶν χωρῶν. — Ο ΧΕΡΜΠ ΡΟΤΤΜΑΝ καί ἄλλοι.

— ΟΜΑΣ ἐκ 125 μηχανικῶν ἀναχωρεῖ. — ΒΑΣΙΛΕΥΣ τῆς Βελγίας θά μεταβῇ. — Η ΚΥΒΕΡΝΗΣΙΣ ἐνέκρινε. — ΑΝΤΙΠΡΟΣΩΠΟΙ τῶν χωρῶν. — Ο ΧΕΡΜΠ ΡΟΤΤΜΑΝ καί ἄλλοι.
